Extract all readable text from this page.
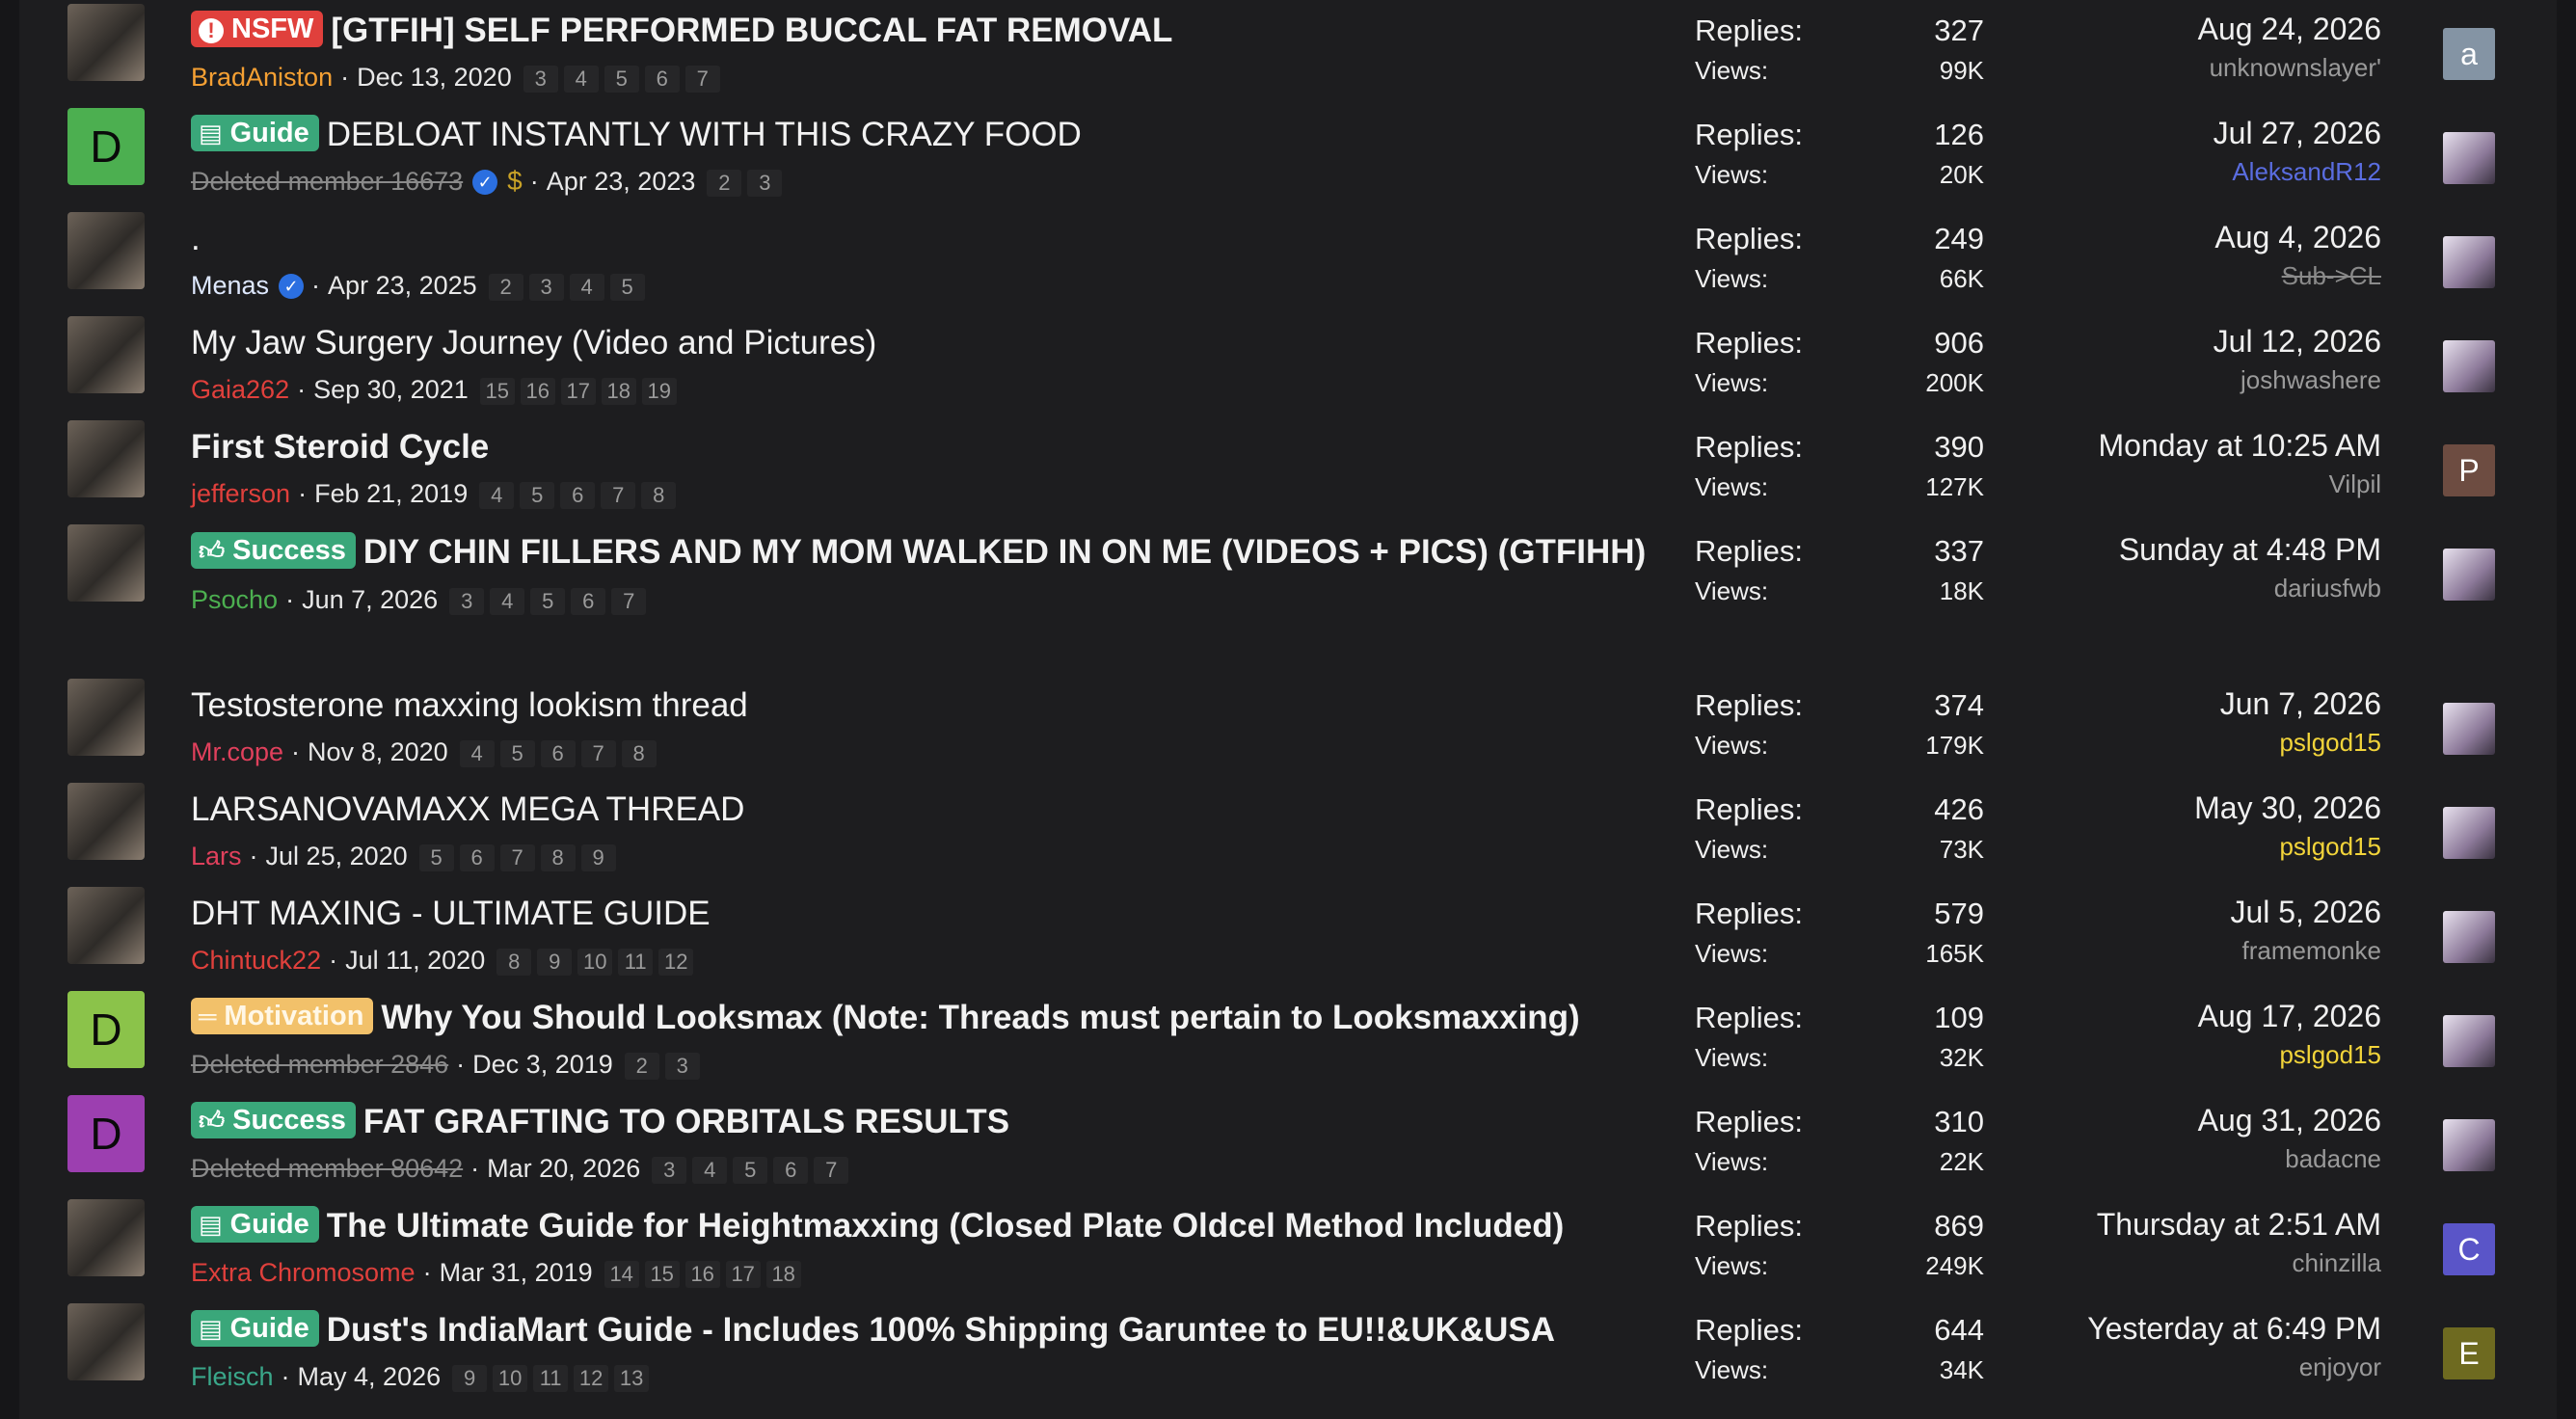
! NSFW [GTFIH] SELF PERFORMED BUCCAL FAT REMOVAL
BradAniston · Dec 13, 2020 3 4 5 6 7
Replies:	327
Views:	99K
Aug 24, 2026
unknownslayer'	a
D	▤ Guide DEBLOAT INSTANTLY WITH THIS CRAZY FOOD
Deleted member 16673 ✓ $ · Apr 23, 2023 2 3
Replies:	126
Views:	20K
Jul 27, 2026
AleksandR12
.
Menas ✓ · Apr 23, 2025 2 3 4 5
Replies:	249
Views:	66K
Aug 4, 2026
Sub->CL
My Jaw Surgery Journey (Video and Pictures)
Gaia262 · Sep 30, 2021 15 16 17 18 19
Replies:	906
Views:	200K
Jul 12, 2026
joshwashere
First Steroid Cycle
jefferson · Feb 21, 2019 4 5 6 7 8
Replies:	390
Views:	127K
Monday at 10:25 AM
Vilpil	P
👍︎ Success DIY CHIN FILLERS AND MY MOM WALKED IN ON ME (VIDEOS + PICS) (GTFIHH)
Psocho · Jun 7, 2026 3 4 5 6 7
Replies:	337
Views:	18K
Sunday at 4:48 PM
dariusfwb
Testosterone maxxing lookism thread
Mr.cope · Nov 8, 2020 4 5 6 7 8
Replies:	374
Views:	179K
Jun 7, 2026
pslgod15
LARSANOVAMAXX MEGA THREAD
Lars · Jul 25, 2020 5 6 7 8 9
Replies:	426
Views:	73K
May 30, 2026
pslgod15
DHT MAXING - ULTIMATE GUIDE
Chintuck22 · Jul 11, 2020 8 9 10 11 12
Replies:	579
Views:	165K
Jul 5, 2026
framemonke
D	═ Motivation Why You Should Looksmax (Note: Threads must pertain to Looksmaxxing)
Deleted member 2846 · Dec 3, 2019 2 3
Replies:	109
Views:	32K
Aug 17, 2026
pslgod15
D	👍︎ Success FAT GRAFTING TO ORBITALS RESULTS
Deleted member 80642 · Mar 20, 2026 3 4 5 6 7
Replies:	310
Views:	22K
Aug 31, 2026
badacne
▤ Guide The Ultimate Guide for Heightmaxxing (Closed Plate Oldcel Method Included)
Extra Chromosome · Mar 31, 2019 14 15 16 17 18
Replies:	869
Views:	249K
Thursday at 2:51 AM
chinzilla	C
▤ Guide Dust's IndiaMart Guide - Includes 100% Shipping Garuntee to EU!!&UK&USA
Fleisch · May 4, 2026 9 10 11 12 13
Replies:	644
Views:	34K
Yesterday at 6:49 PM
enjoyor	E
